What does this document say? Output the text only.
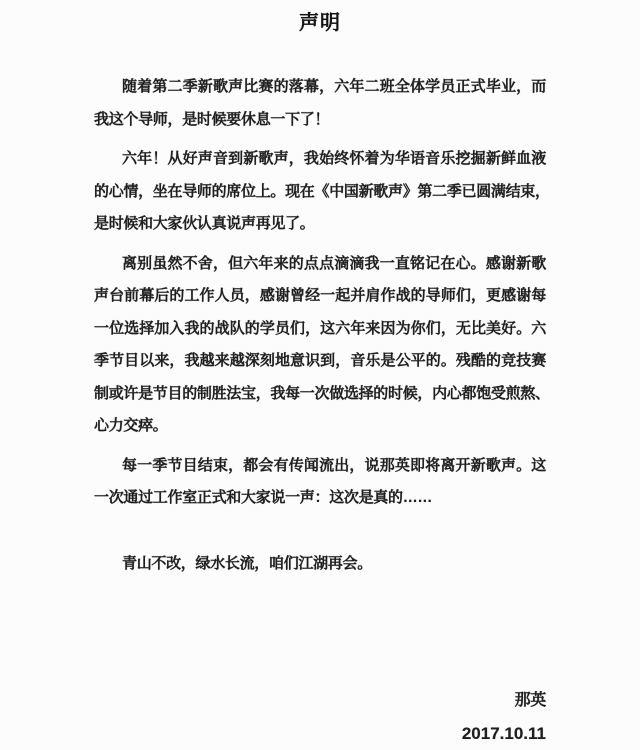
声明
随着第二季新歌声比赛的落幕，六年二班全体学员正式毕业，而
我这个导师，是时候要休息一下了！
六年！从好声音到新歌声，我始终怀着为华语音乐挖掘新鲜血液
的心情，坐在导师的席位上。现在《中国新歌声》第二季已圆满结束，
是时候和大家伙认真说声再见了。
离别虽然不舍，但六年来的点点滴滴我一直铭记在心。感谢新歌
声台前幕后的工作人员，感谢曾经一起并肩作战的导师们，更感谢每
一位选择加入我的战队的学员们，这六年来因为你们，无比美好。六
季节目以来，我越来越深刻地意识到，音乐是公平的。残酷的竞技赛
制或许是节目的制胜法宝，我每一次做选择的时候，内心都饱受煎熬、
心力交瘁。
每一季节目结束，都会有传闻流出，说那英即将离开新歌声。这
一次通过工作室正式和大家说一声：这次是真的……
青山不改，绿水长流，咱们江湖再会。
那英
2017.10.11
